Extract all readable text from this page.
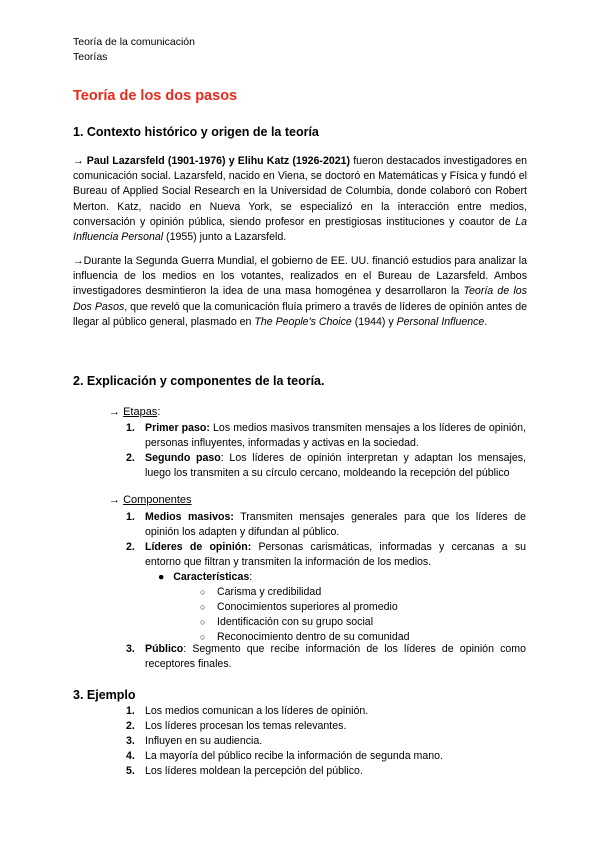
Teoría de la comunicación
Teorías
Teoría de los dos pasos
1. Contexto histórico y origen de la teoría

→ Paul Lazarsfeld (1901-1976) y Elihu Katz (1926-2021) fueron destacados investigadores en comunicación social. Lazarsfeld, nacido en Viena, se doctoró en Matemáticas y Física y fundó el Bureau of Applied Social Research en la Universidad de Columbia, donde colaboró con Robert Merton. Katz, nacido en Nueva York, se especializó en la interacción entre medios, conversación y opinión pública, siendo profesor en prestigiosas instituciones y coautor de La Influencia Personal (1955) junto a Lazarsfeld.

→Durante la Segunda Guerra Mundial, el gobierno de EE. UU. financió estudios para analizar la influencia de los medios en los votantes, realizados en el Bureau de Lazarsfeld. Ambos investigadores desmintieron la idea de una masa homogénea y desarrollaron la Teoría de los Dos Pasos, que reveló que la comunicación fluía primero a través de líderes de opinión antes de llegar al público general, plasmado en The People's Choice (1944) y Personal Influence.

2. Explicación y componentes de la teoría.
→ Etapas:
1. Primer paso: Los medios masivos transmiten mensajes a los líderes de opinión, personas influyentes, informadas y activas en la sociedad.
2. Segundo paso: Los líderes de opinión interpretan y adaptan los mensajes, luego los transmiten a su círculo cercano, moldeando la recepción del público
→ Componentes
1. Medios masivos: Transmiten mensajes generales para que los líderes de opinión los adapten y difundan al público.
2. Líderes de opinión: Personas carismáticas, informadas y cercanas a su entorno que filtran y transmiten la información de los medios.
● Características:
○ Carisma y credibilidad
○ Conocimientos superiores al promedio
○ Identificación con su grupo social
○ Reconocimiento dentro de su comunidad
3. Público: Segmento que recibe información de los líderes de opinión como receptores finales.
3. Ejemplo
1. Los medios comunican a los líderes de opinión.
2. Los líderes procesan los temas relevantes.
3. Influyen en su audiencia.
4. La mayoría del público recibe la información de segunda mano.
5. Los líderes moldean la percepción del público.
